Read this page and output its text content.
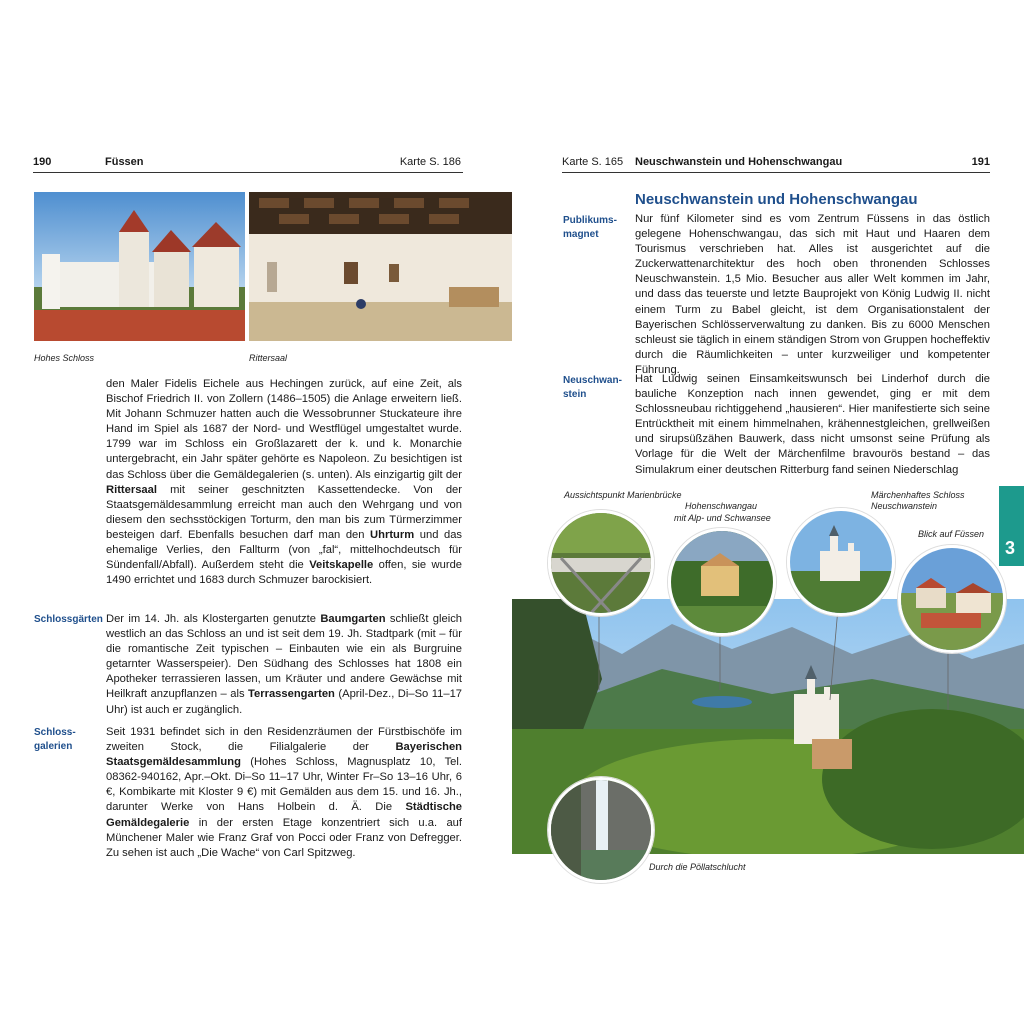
190	Füssen	Karte S. 186
Hohes Schloss	Rittersaal
den Maler Fidelis Eichele aus Hechingen zurück, auf eine Zeit, als Bischof Friedrich II. von Zollern (1486–1505) die Anlage erweitern ließ. Mit Johann Schmuzer hatten auch die Wessobrunner Stuckateure ihre Hand im Spiel als 1687 der Nord- und Westflügel umgestaltet wurde. 1799 war im Schloss ein Großlazarett der k. und k. Monarchie untergebracht, ein Jahr später gehörte es Napoleon. Zu besichtigen ist das Schloss über die Gemäldegalerien (s. unten). Als einzigartig gilt der Rittersaal mit seiner geschnitzten Kassettendecke. Von der Staatsgemäldesammlung erreicht man auch den Wehrgang und von diesem den sechsstöckigen Torturm, den man bis zum Türmerzimmer besteigen darf. Ebenfalls besuchen darf man den Uhrturm und das ehemalige Verlies, den Fallturm (von „fal“, mittelhochdeutsch für Sündenfall/Abfall). Außerdem steht die Veitskapelle offen, sie wurde 1490 errichtet und 1683 durch Schmuzer barockisiert.
Schlossgärten Der im 14. Jh. als Klostergarten genutzte Baumgarten schließt gleich westlich an das Schloss an und ist seit dem 19. Jh. Stadtpark (mit – für die romantische Zeit typischen – Einbauten wie ein als Burgruine getarnter Wasserspeier). Den Südhang des Schlosses hat 1808 ein Apotheker terrassieren lassen, um Kräuter und andere Gewächse mit Heilkraft anzupflanzen – als Terrassengarten (April-Dez., Di–So 11–17 Uhr) ist auch er zugänglich.
Schloss-
galerien
Seit 1931 befindet sich in den Residenzräumen der Fürstbischöfe im zweiten Stock, die Filialgalerie der Bayerischen Staatsgemäldesammlung (Hohes Schloss, Magnusplatz 10, Tel. 08362-940162, Apr.–Okt. Di–So 11–17 Uhr, Winter Fr–So 13–16 Uhr, 6 €, Kombikarte mit Kloster 9 €) mit Gemälden aus dem 15. und 16. Jh., darunter Werke von Hans Holbein d. Ä. Die Städtische Gemäldegalerie in der ersten Etage konzentriert sich u.a. auf Münchener Maler wie Franz Graf von Pocci oder Franz von Defregger. Zu sehen ist auch „Die Wache“ von Carl Spitzweg.
Karte S. 165 Neuschwanstein und Hohenschwangau	191
Neuschwanstein und Hohenschwangau
Publikums-
magnet
Nur fünf Kilometer sind es vom Zentrum Füssens in das östlich gelegene Hohenschwangau, das sich mit Haut und Haaren dem Tourismus verschrieben hat. Alles ist ausgerichtet auf die Zuckerwattenarchitektur des hoch oben thronenden Schlosses Neuschwanstein. 1,5 Mio. Besucher aus aller Welt kommen im Jahr, und dass das teuerste und letzte Bauprojekt von König Ludwig II. nicht einem Turm zu Babel gleicht, ist dem Organisationstalent der Bayerischen Schlösserverwaltung zu danken. Bis zu 6000 Menschen schleust sie täglich in einem ständigen Strom von Gruppen hocheffektiv durch die Räumlichkeiten – unter kurzweiliger und kompetenter Führung.
Neuschwan-
stein
Hat Ludwig seinen Einsamkeitswunsch bei Linderhof durch die bauliche Konzeption nach innen gewendet, ging er mit dem Schlossneubau richtiggehend „hausieren“. Hier manifestierte sich seine Entrücktheit mit einem himmelnahen, krähennestgleichen, grellweißen und sirupsüßzähen Bauwerk, dass nicht umsonst seine Prüfung als Vorlage für die Welt der Märchenfilme bravourös bestand – das Simulakrum einer deutschen Ritterburg fand seinen Niederschlag
Aussichtspunkt Marienbrücke
Hohenschwangau
mit Alp- und Schwansee
Märchenhaftes Schloss
Neuschwanstein
Blick auf Füssen
Durch die Pöllatschlucht
3
